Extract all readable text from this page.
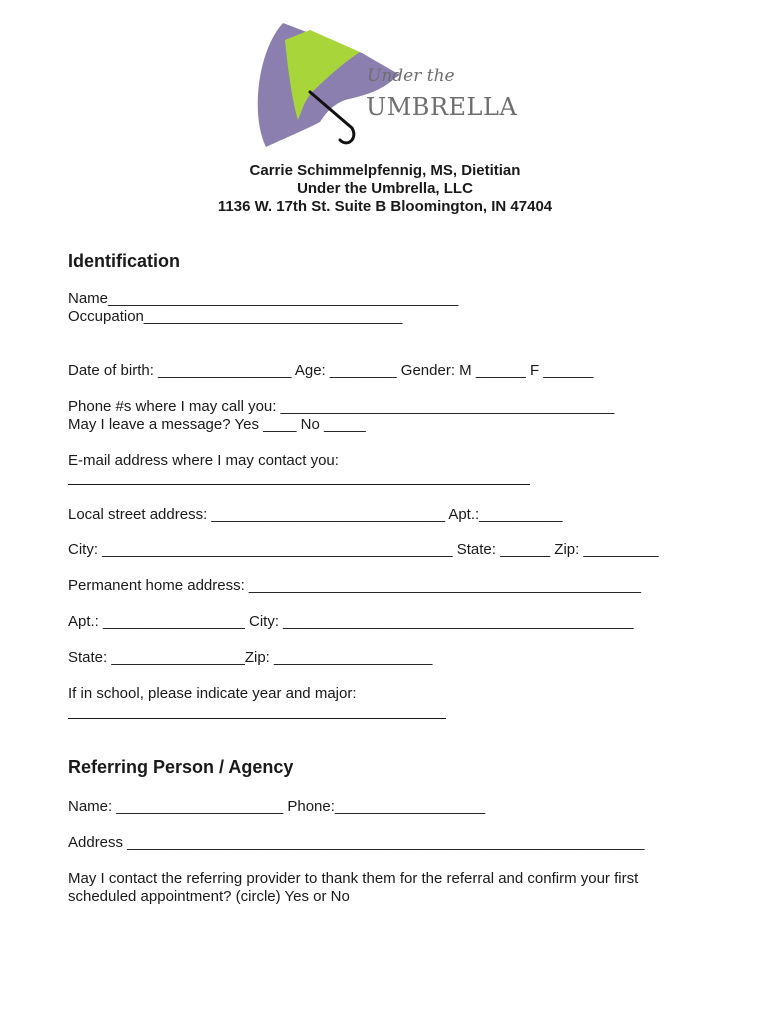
Under the
UMBRELLA
Carrie Schimmelpfennig, MS, Dietitian
Under the Umbrella, LLC
1136 W. 17th St. Suite B Bloomington, IN 47404
Identification
Name__________________________________________
Occupation_______________________________
Date of birth: ________________ Age: ________ Gender: M ______ F ______
Phone #s where I may call you: ________________________________________
May I leave a message? Yes ____ No _____
E-mail address where I may contact you:
Local street address: ____________________________ Apt.:__________
City: __________________________________________ State: ______ Zip: _________
Permanent home address: _______________________________________________
Apt.: _________________ City: __________________________________________
State: ________________Zip: ___________________
If in school, please indicate year and major:
Referring Person / Agency
Name: ____________________ Phone:__________________
Address ______________________________________________________________
May I contact the referring provider to thank them for the referral and confirm your first
scheduled appointment? (circle) Yes or No
